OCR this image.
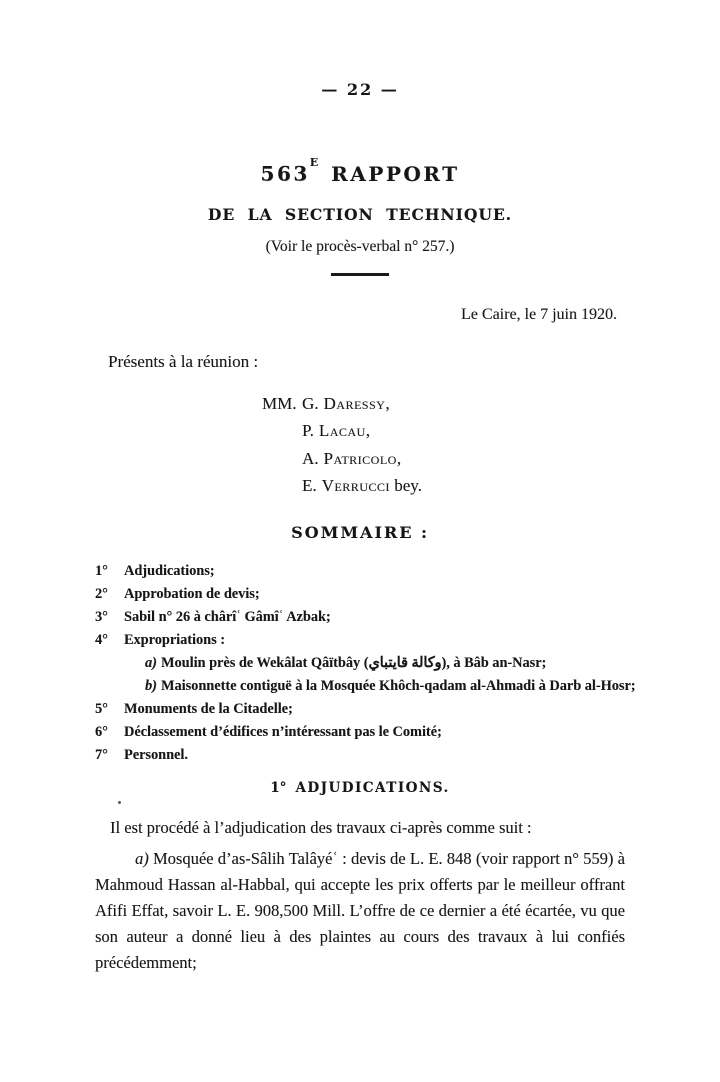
— 22 —
$563^E$ RAPPORT
DE LA SECTION TECHNIQUE.
(Voir le procès-verbal n° 257.)
Le Caire, le 7 juin 1920.
Présents à la réunion :
MM. G. Daressy,
P. Lacau,
A. Patricolo,
E. Verrucci bey.
SOMMAIRE :
1° Adjudications;
2° Approbation de devis;
3° Sabil n° 26 à chârîʿ Gâmîʿ Azbak;
4° Expropriations :
a) Moulin près de Wekâlat Qâïtbây (وكالة قايتباي), à Bâb an-Nasr;
b) Maisonnette contiguë à la Mosquée Khôch-qadam al-Ahmadi à Darb al-Hosr;
5° Monuments de la Citadelle;
6° Déclassement d’édifices n’intéressant pas le Comité;
7° Personnel.
1° ADJUDICATIONS.

Il est procédé à l’adjudication des travaux ci-après comme suit :

a) Mosquée d’as-Sâlih Talâyéʿ : devis de L. E. 848 (voir rapport n° 559) à Mahmoud Hassan al-Habbal, qui accepte les prix offerts par le meilleur offrant Afifi Effat, savoir L. E. 908,500 Mill. L’offre de ce dernier a été écartée, vu que son auteur a donné lieu à des plaintes au cours des travaux à lui confiés précédemment;
